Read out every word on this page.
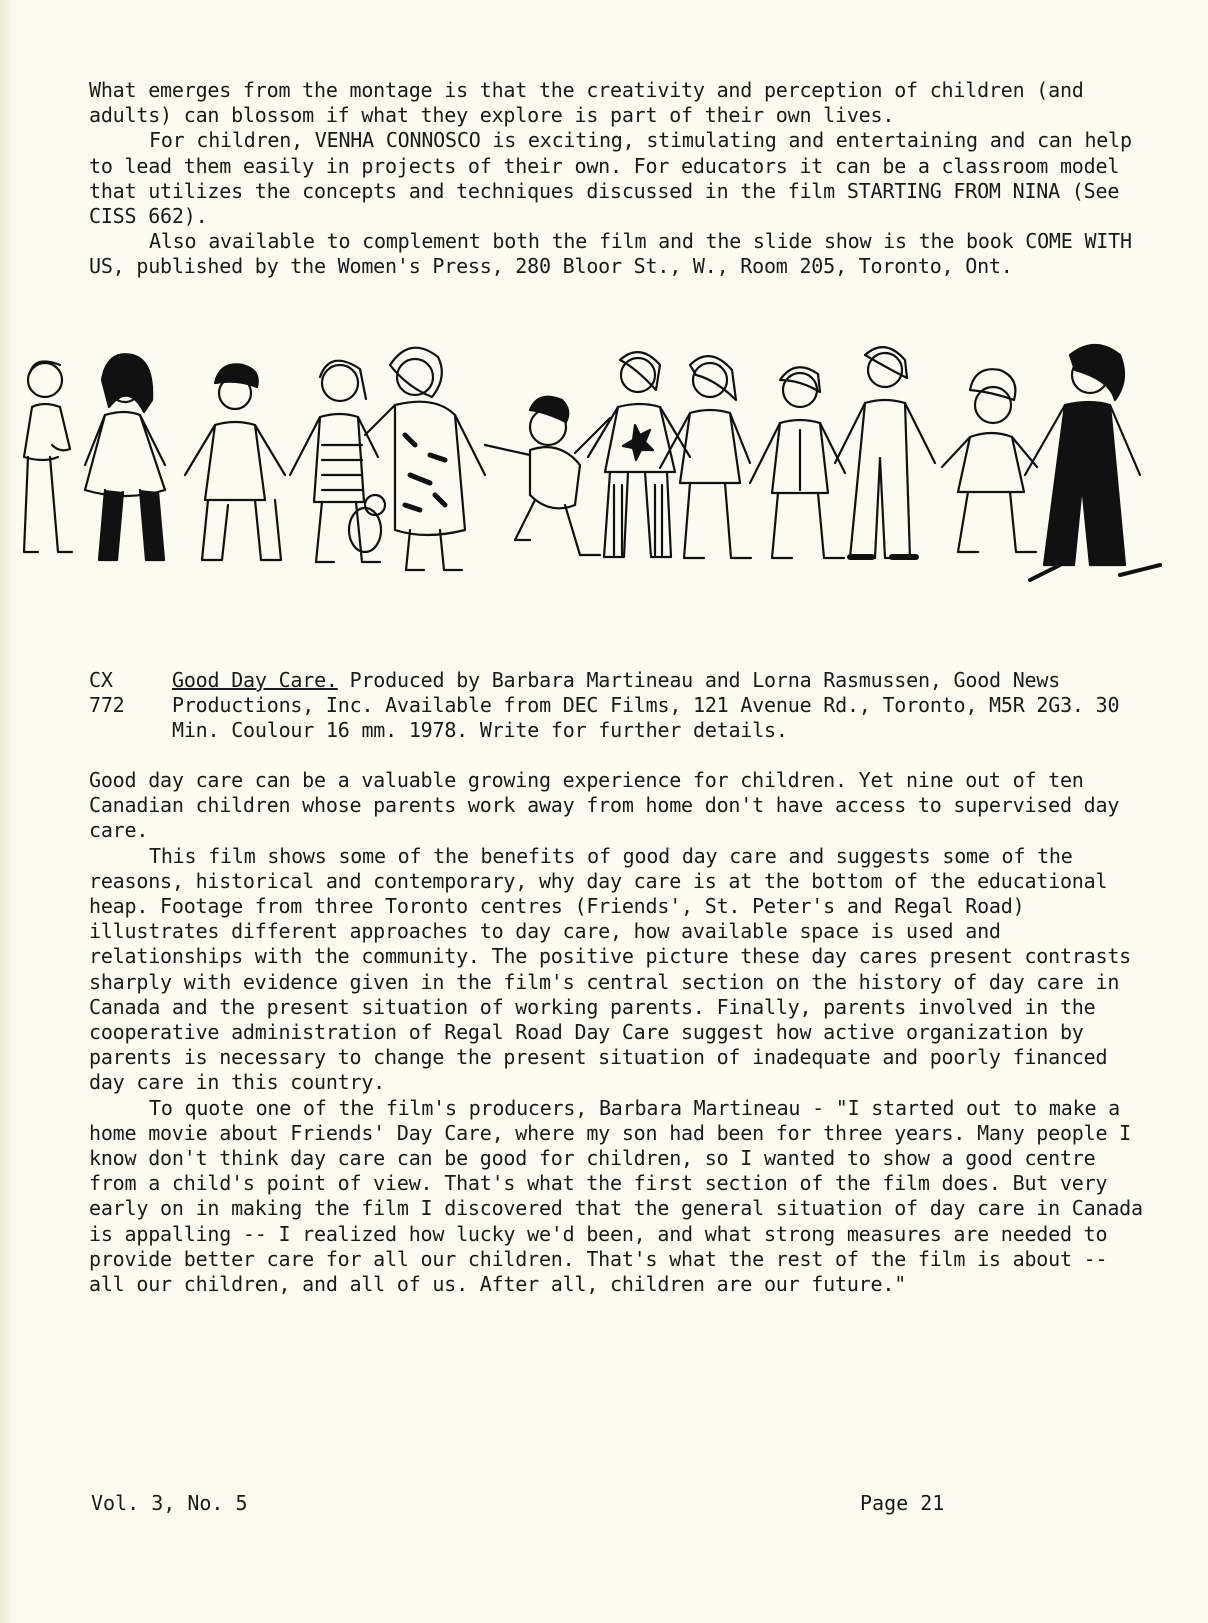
What emerges from the montage is that the creativity and perception of children (and adults) can blossom if what they explore is part of their own lives.

For children, VENHA CONNOSCO is exciting, stimulating and entertaining and can help to lead them easily in projects of their own. For educators it can be a classroom model that utilizes the concepts and techniques discussed in the film STARTING FROM NINA (See CISS 662).

Also available to complement both the film and the slide show is the book COME WITH US, published by the Women's Press, 280 Bloor St., W., Room 205, Toronto, Ont.

CX
772
Good Day Care. Produced by Barbara Martineau and Lorna Rasmussen, Good News Productions, Inc. Available from DEC Films, 121 Avenue Rd., Toronto, M5R 2G3. 30 Min. Coulour 16 mm. 1978. Write for further details.

Good day care can be a valuable growing experience for children. Yet nine out of ten Canadian children whose parents work away from home don't have access to supervised day care.

This film shows some of the benefits of good day care and suggests some of the reasons, historical and contemporary, why day care is at the bottom of the educational heap. Footage from three Toronto centres (Friends', St. Peter's and Regal Road) illustrates different approaches to day care, how available space is used and relationships with the community. The positive picture these day cares present contrasts sharply with evidence given in the film's central section on the history of day care in Canada and the present situation of working parents. Finally, parents involved in the cooperative administration of Regal Road Day Care suggest how active organization by parents is necessary to change the present situation of inadequate and poorly financed day care in this country.

To quote one of the film's producers, Barbara Martineau - "I started out to make a home movie about Friends' Day Care, where my son had been for three years. Many people I know don't think day care can be good for children, so I wanted to show a good centre from a child's point of view. That's what the first section of the film does. But very early on in making the film I discovered that the general situation of day care in Canada is appalling -- I realized how lucky we'd been, and what strong measures are needed to provide better care for all our children. That's what the rest of the film is about -- all our children, and all of us. After all, children are our future."

Vol. 3, No. 5	Page 21
